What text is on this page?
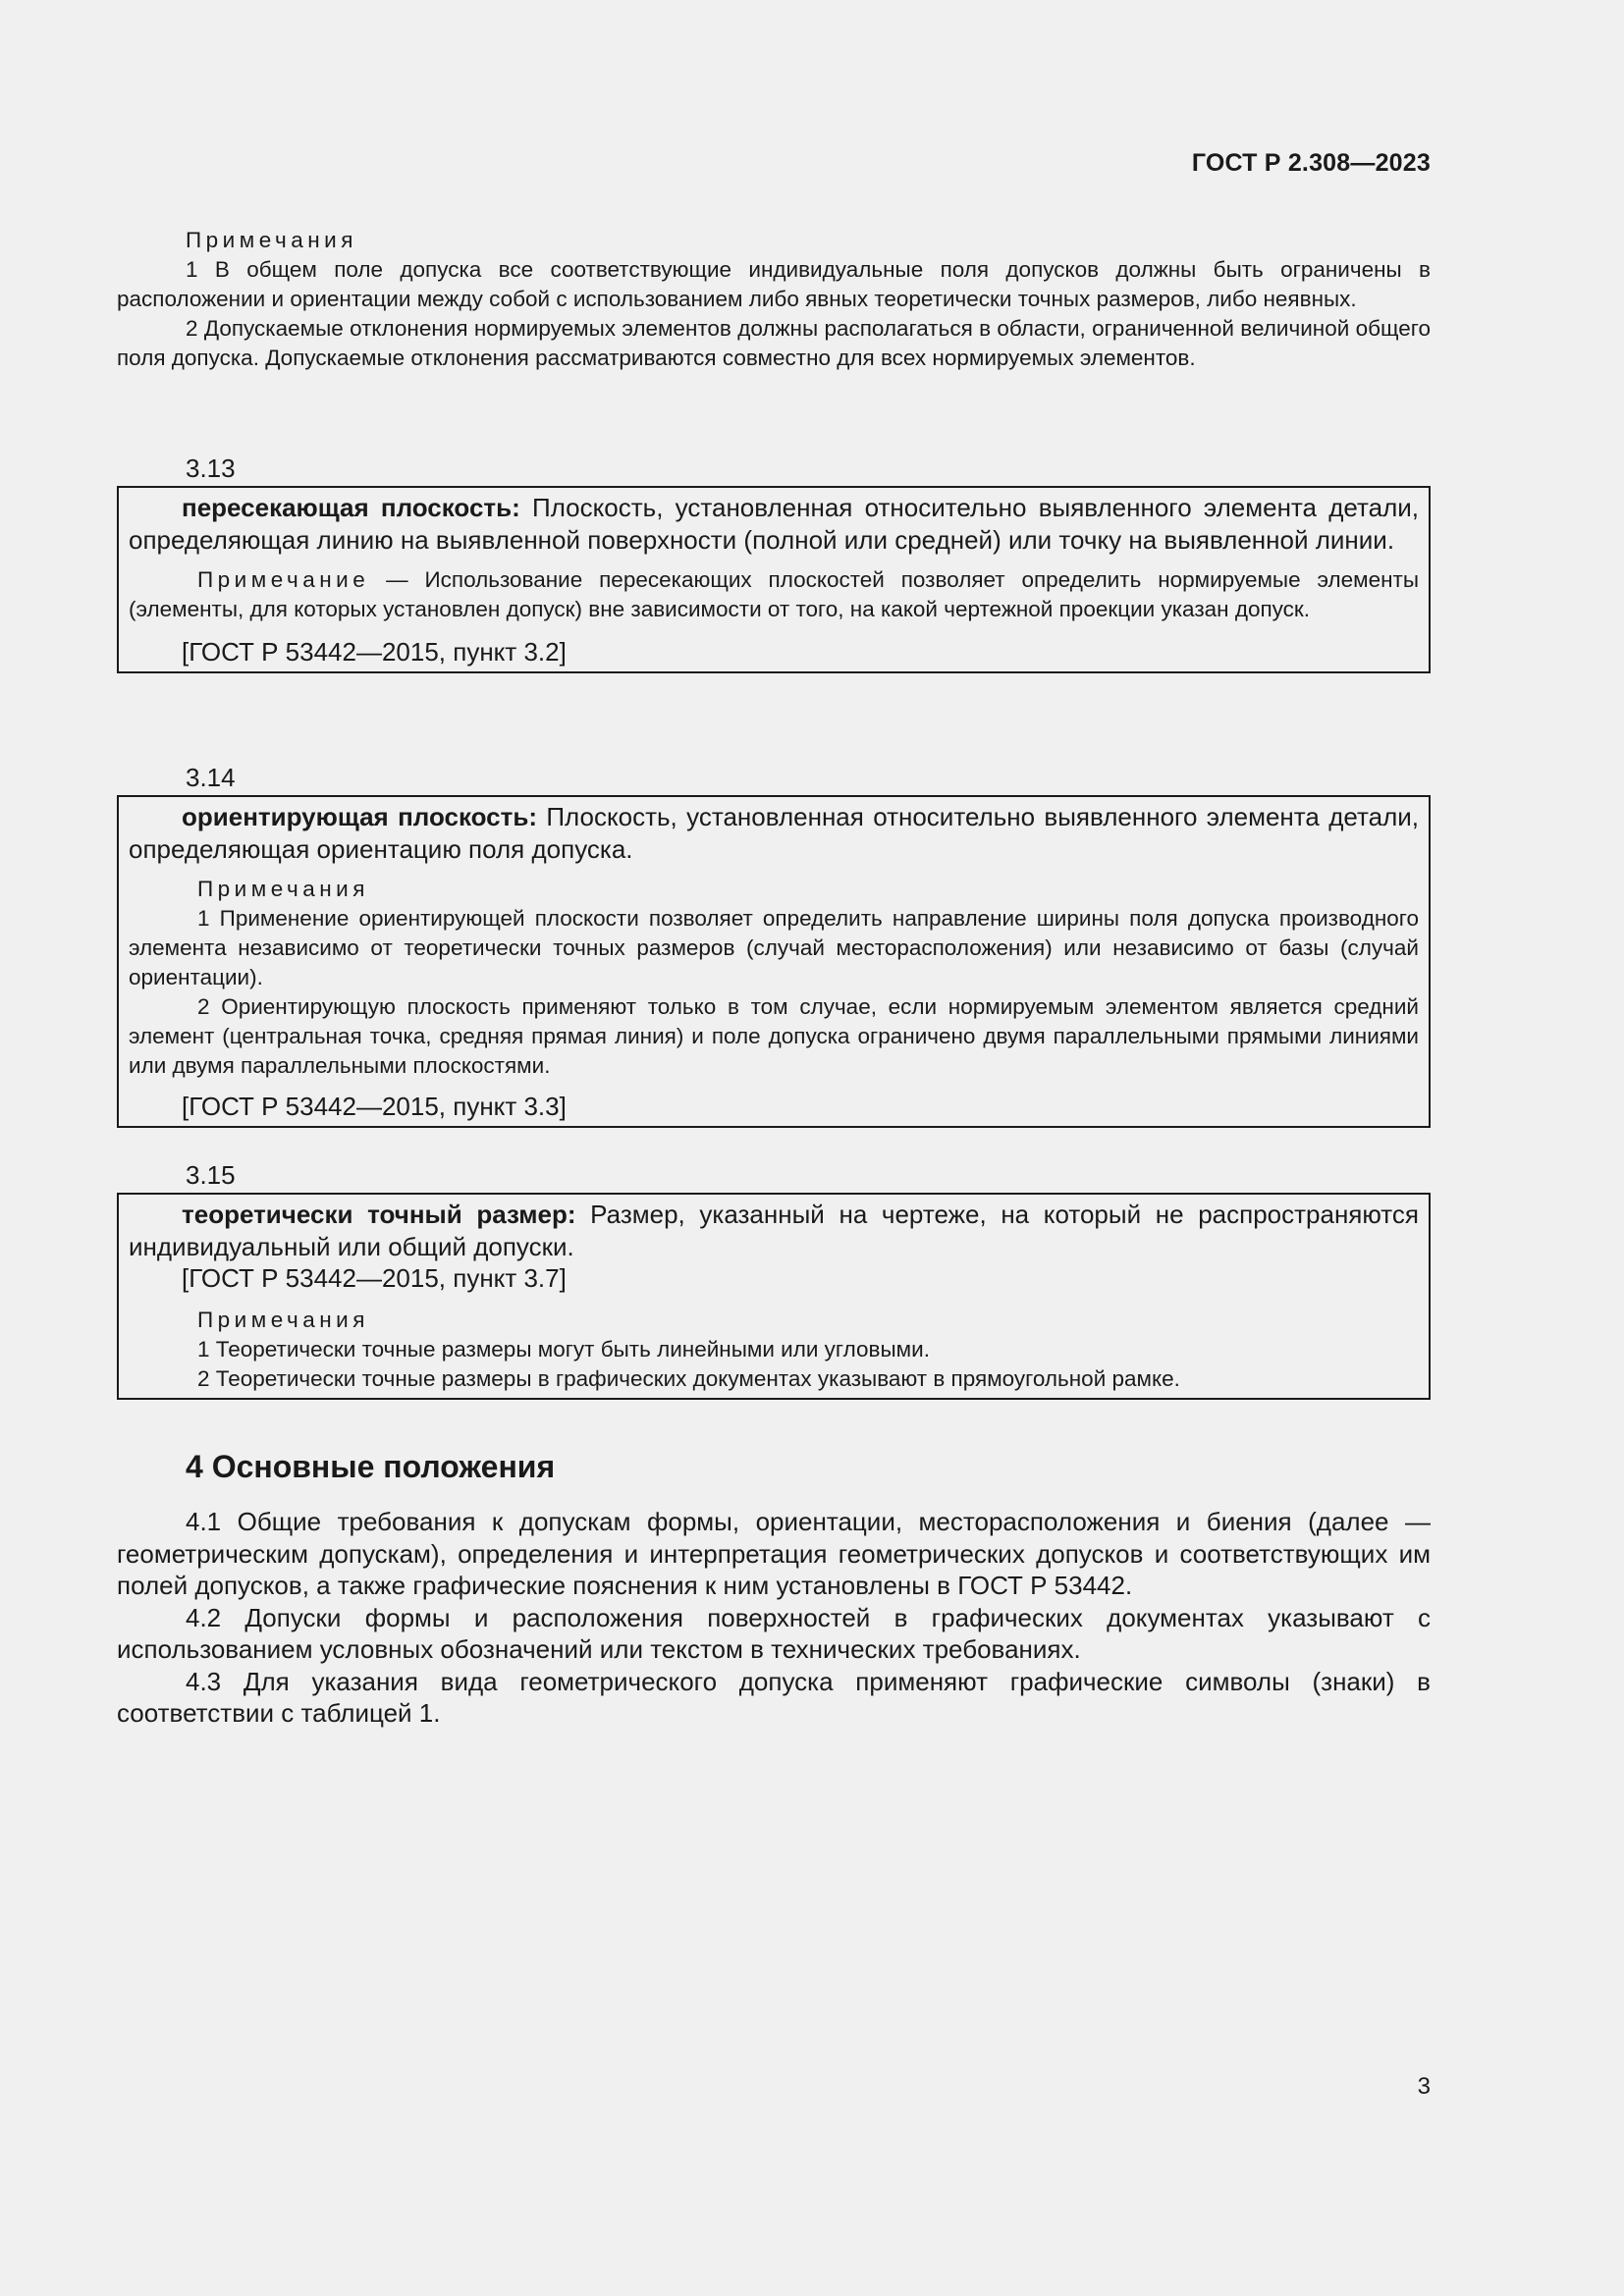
ГОСТ Р 2.308—2023

Примечания

1 В общем поле допуска все соответствующие индивидуальные поля допусков должны быть ограничены в расположении и ориентации между собой с использованием либо явных теоретически точных размеров, либо неявных.

2 Допускаемые отклонения нормируемых элементов должны располагаться в области, ограниченной величиной общего поля допуска. Допускаемые отклонения рассматриваются совместно для всех нормируемых элементов.

3.13

пересекающая плоскость: Плоскость, установленная относительно выявленного элемента детали, определяющая линию на выявленной поверхности (полной или средней) или точку на выявленной линии.

Примечание — Использование пересекающих плоскостей позволяет определить нормируемые элементы (элементы, для которых установлен допуск) вне зависимости от того, на какой чертежной проекции указан допуск.

[ГОСТ Р 53442—2015, пункт 3.2]

3.14

ориентирующая плоскость: Плоскость, установленная относительно выявленного элемента детали, определяющая ориентацию поля допуска.

Примечания

1 Применение ориентирующей плоскости позволяет определить направление ширины поля допуска производного элемента независимо от теоретически точных размеров (случай месторасположения) или независимо от базы (случай ориентации).

2 Ориентирующую плоскость применяют только в том случае, если нормируемым элементом является средний элемент (центральная точка, средняя прямая линия) и поле допуска ограничено двумя параллельными прямыми линиями или двумя параллельными плоскостями.

[ГОСТ Р 53442—2015, пункт 3.3]

3.15

теоретически точный размер: Размер, указанный на чертеже, на который не распространяются индивидуальный или общий допуски.

[ГОСТ Р 53442—2015, пункт 3.7]

Примечания

1 Теоретически точные размеры могут быть линейными или угловыми.

2 Теоретически точные размеры в графических документах указывают в прямоугольной рамке.

4 Основные положения

4.1 Общие требования к допускам формы, ориентации, месторасположения и биения (далее — геометрическим допускам), определения и интерпретация геометрических допусков и соответствующих им полей допусков, а также графические пояснения к ним установлены в ГОСТ Р 53442.

4.2 Допуски формы и расположения поверхностей в графических документах указывают с использованием условных обозначений или текстом в технических требованиях.

4.3 Для указания вида геометрического допуска применяют графические символы (знаки) в соответствии с таблицей 1.

3
